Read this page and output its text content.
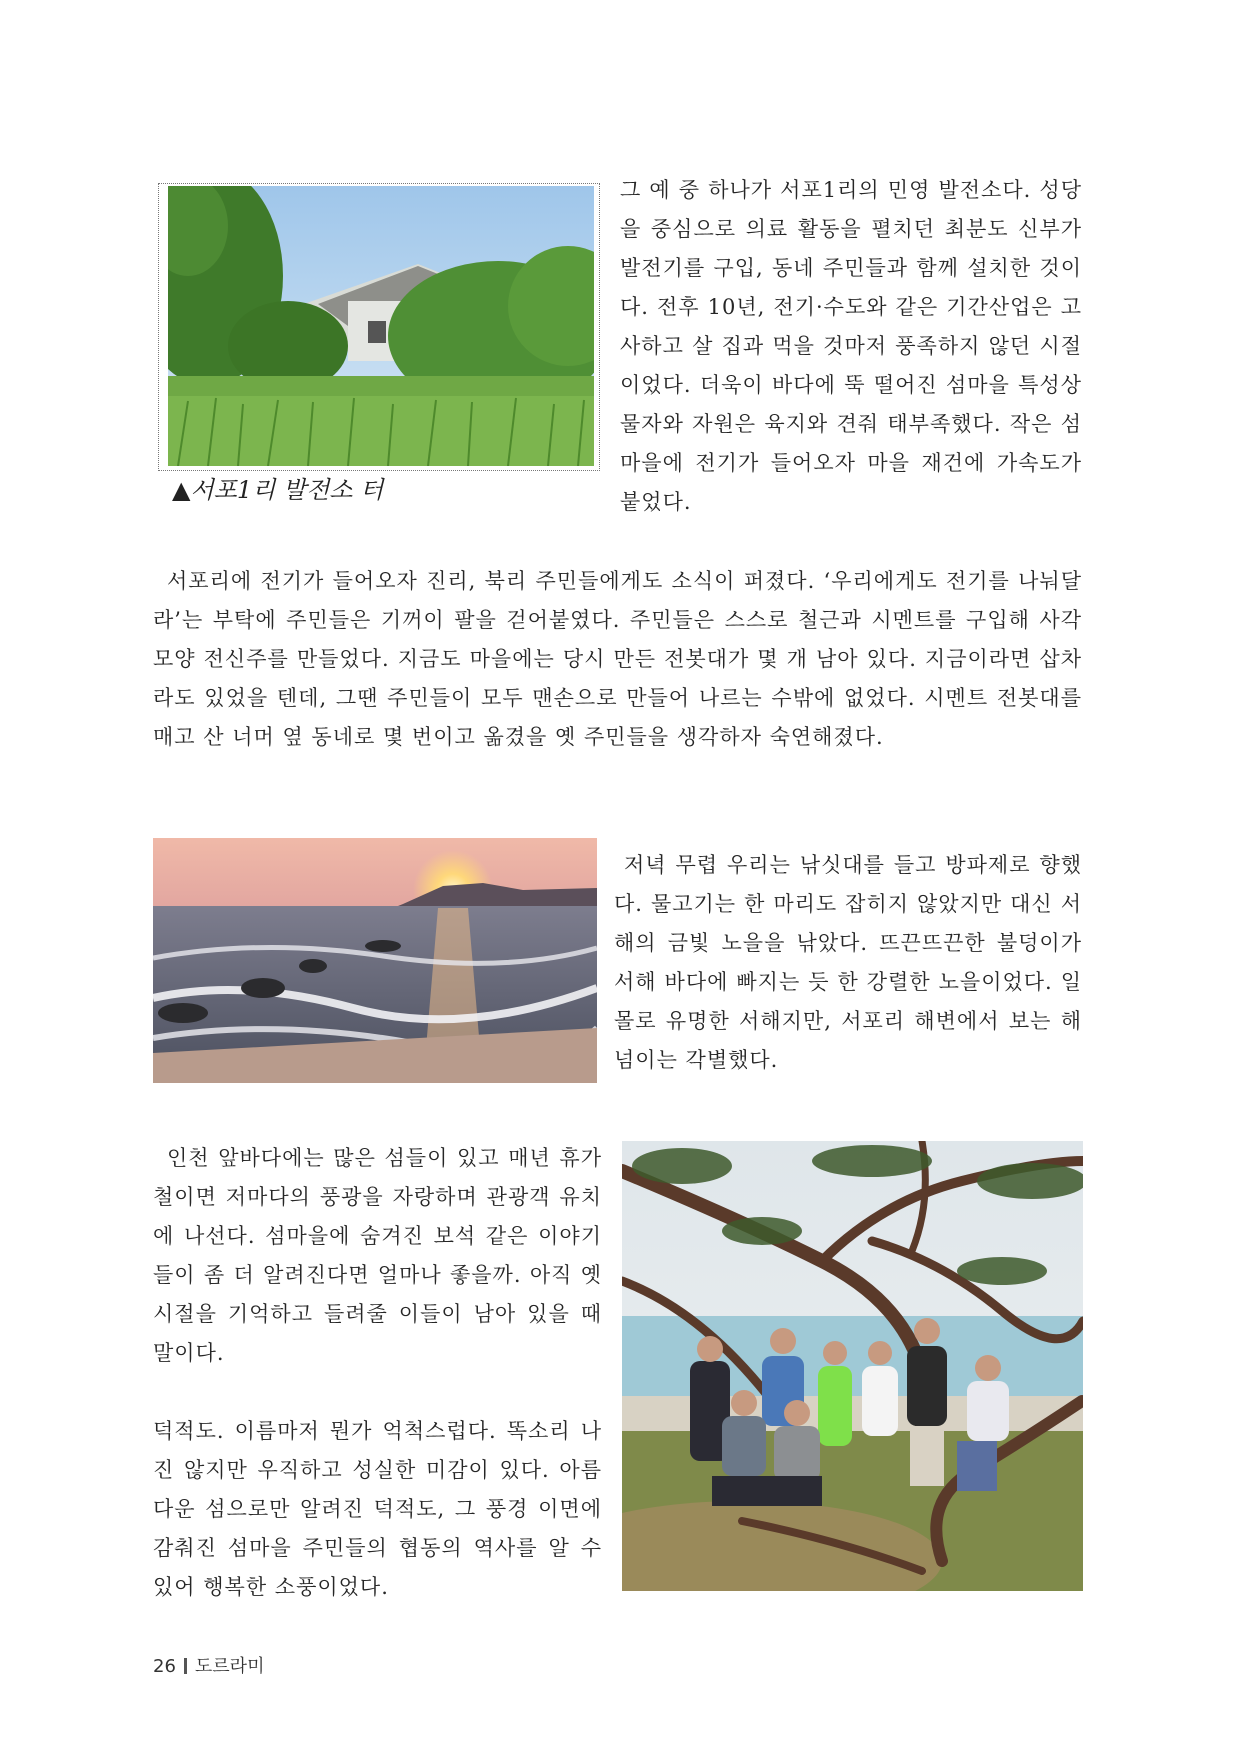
▲서포1리 발전소 터
그 예 중 하나가 서포1리의 민영 발전소다. 성당을 중심으로 의료 활동을 펼치던 최분도 신부가 발전기를 구입, 동네 주민들과 함께 설치한 것이다. 전후 10년, 전기·수도와 같은 기간산업은 고사하고 살 집과 먹을 것마저 풍족하지 않던 시절이었다. 더욱이 바다에 뚝 떨어진 섬마을 특성상 물자와 자원은 육지와 견줘 태부족했다. 작은 섬마을에 전기가 들어오자 마을 재건에 가속도가 붙었다.
서포리에 전기가 들어오자 진리, 북리 주민들에게도 소식이 퍼졌다. ‘우리에게도 전기를 나눠달라’는 부탁에 주민들은 기꺼이 팔을 걷어붙였다. 주민들은 스스로 철근과 시멘트를 구입해 사각 모양 전신주를 만들었다. 지금도 마을에는 당시 만든 전봇대가 몇 개 남아 있다. 지금이라면 삽차라도 있었을 텐데, 그땐 주민들이 모두 맨손으로 만들어 나르는 수밖에 없었다. 시멘트 전봇대를 매고 산 너머 옆 동네로 몇 번이고 옮겼을 옛 주민들을 생각하자 숙연해졌다.
저녁 무렵 우리는 낚싯대를 들고 방파제로 향했다. 물고기는 한 마리도 잡히지 않았지만 대신 서해의 금빛 노을을 낚았다. 뜨끈뜨끈한 불덩이가 서해 바다에 빠지는 듯 한 강렬한 노을이었다. 일몰로 유명한 서해지만, 서포리 해변에서 보는 해넘이는 각별했다.
인천 앞바다에는 많은 섬들이 있고 매년 휴가철이면 저마다의 풍광을 자랑하며 관광객 유치에 나선다. 섬마을에 숨겨진 보석 같은 이야기들이 좀 더 알려진다면 얼마나 좋을까. 아직 옛 시절을 기억하고 들려줄 이들이 남아 있을 때 말이다.
덕적도. 이름마저 뭔가 억척스럽다. 똑소리 나진 않지만 우직하고 성실한 미감이 있다. 아름다운 섬으로만 알려진 덕적도, 그 풍경 이면에 감춰진 섬마을 주민들의 협동의 역사를 알 수 있어 행복한 소풍이었다.
26 도르라미
